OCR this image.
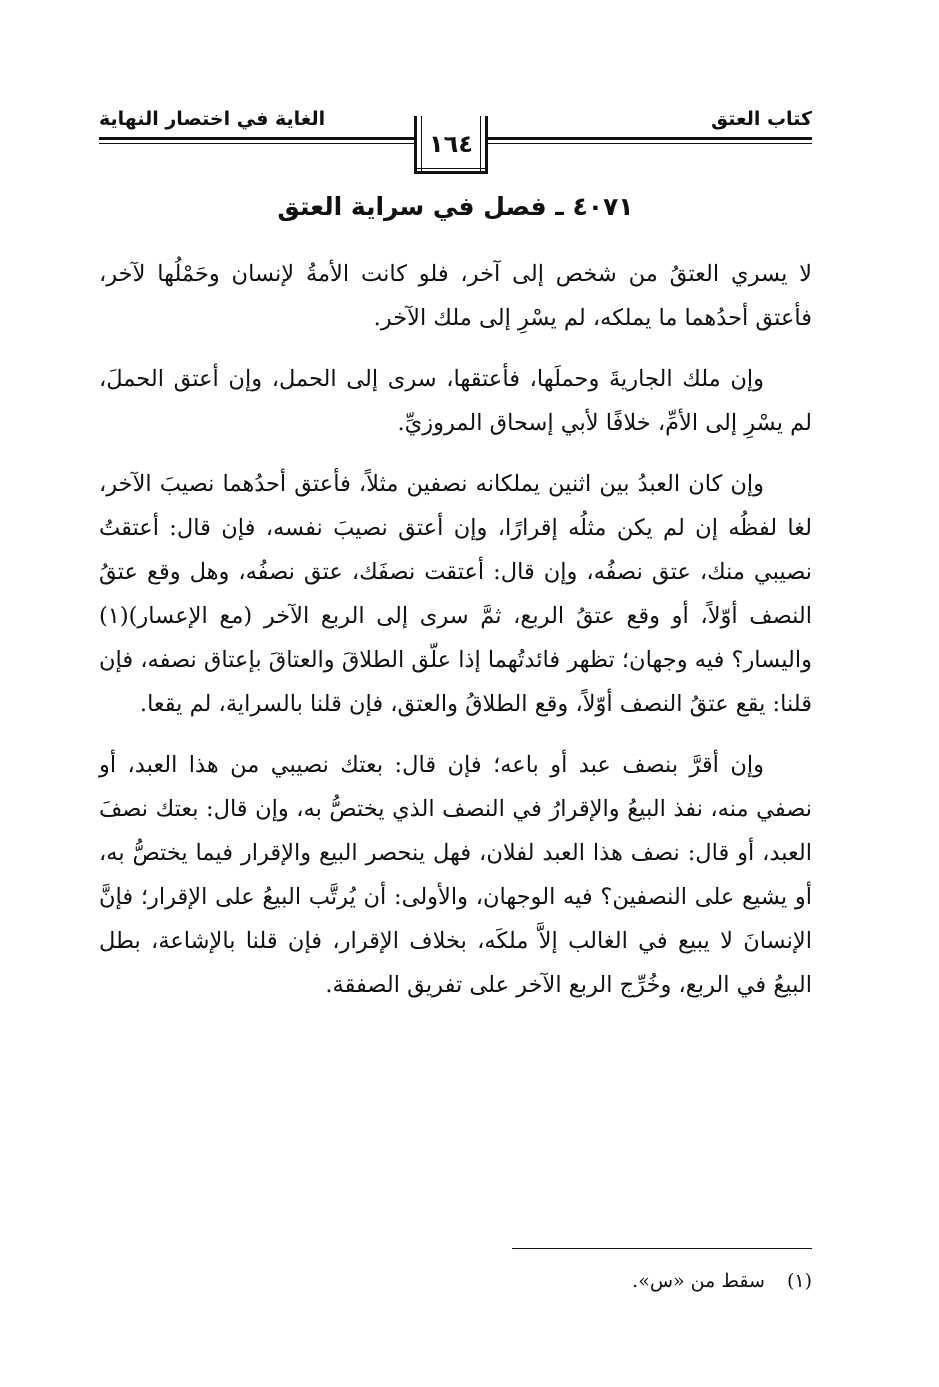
كتاب العتق
الغاية في اختصار النهاية
١٦٤
٤٠٧١ ـ فصل في سراية العتق

لا يسري العتقُ من شخص إلى آخر، فلو كانت الأمةُ لإنسان وحَمْلُها لآخر، فأعتق أحدُهما ما يملكه، لم يسْرِ إلى ملك الآخر.

وإن ملك الجاريةَ وحملَها، فأعتقها، سرى إلى الحمل، وإن أعتق الحملَ، لم يسْرِ إلى الأمِّ، خلافًا لأبي إسحاق المروزيِّ.

وإن كان العبدُ بين اثنين يملكانه نصفين مثلاً، فأعتق أحدُهما نصيبَ الآخر، لغا لفظُه إن لم يكن مثلُه إقرارًا، وإن أعتق نصيبَ نفسه، فإن قال: أعتقتُ نصيبي منك، عتق نصفُه، وإن قال: أعتقت نصفَك، عتق نصفُه، وهل وقع عتقُ النصف أوّلاً، أو وقع عتقُ الربع، ثمَّ سرى إلى الربع الآخر (مع الإعسار)(١) واليسار؟ فيه وجهان؛ تظهر فائدتُهما إذا علّق الطلاقَ والعتاقَ بإعتاق نصفه، فإن قلنا: يقع عتقُ النصف أوّلاً، وقع الطلاقُ والعتق، فإن قلنا بالسراية، لم يقعا.

وإن أقرَّ بنصف عبد أو باعه؛ فإن قال: بعتك نصيبي من هذا العبد، أو نصفي منه، نفذ البيعُ والإقرارُ في النصف الذي يختصُّ به، وإن قال: بعتك نصفَ العبد، أو قال: نصف هذا العبد لفلان، فهل ينحصر البيع والإقرار فيما يختصُّ به، أو يشيع على النصفين؟ فيه الوجهان، والأولى: أن يُرتَّب البيعُ على الإقرار؛ فإنَّ الإنسانَ لا يبيع في الغالب إلاَّ ملكَه، بخلاف الإقرار، فإن قلنا بالإشاعة، بطل البيعُ في الربع، وخُرِّج الربع الآخر على تفريق الصفقة.

(١)سقط من «س».
